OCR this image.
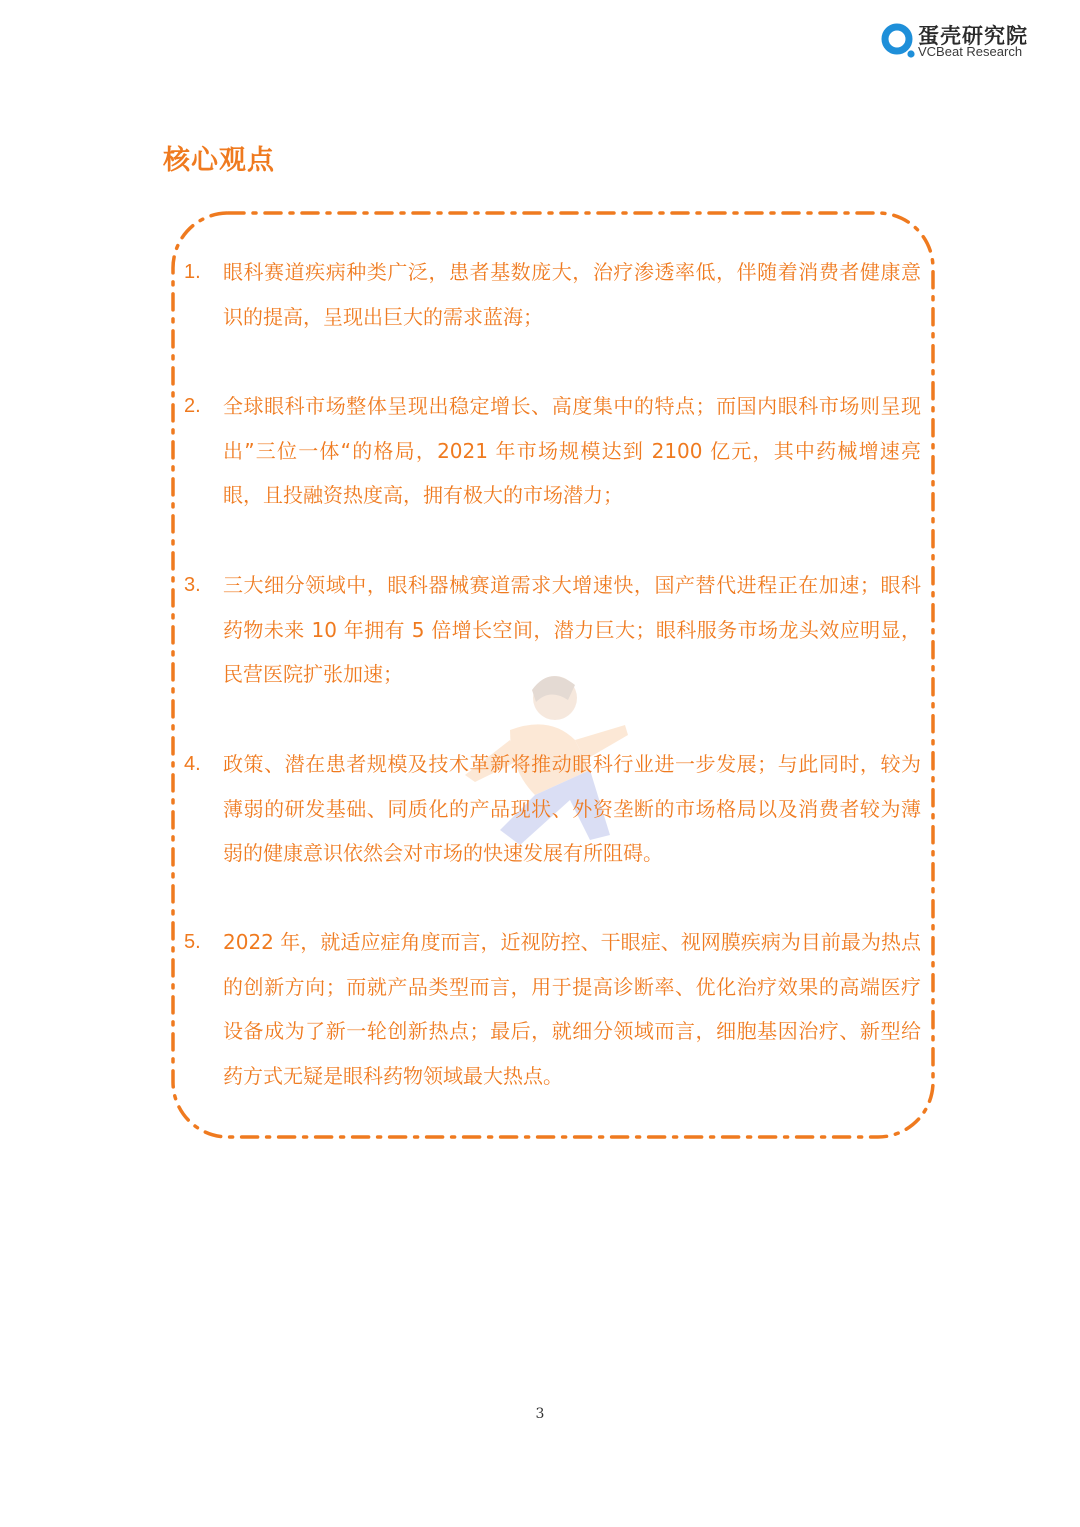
蛋壳研究院
VCBeat Research
核心观点
1. 眼科赛道疾病种类广泛，患者基数庞大，治疗渗透率低，伴随着消费者健康意识的提高，呈现出巨大的需求蓝海；
2. 全球眼科市场整体呈现出稳定增长、高度集中的特点；而国内眼科市场则呈现出”三位一体“的格局，2021 年市场规模达到 2100 亿元，其中药械增速亮眼，且投融资热度高，拥有极大的市场潜力；
3. 三大细分领域中，眼科器械赛道需求大增速快，国产替代进程正在加速；眼科药物未来 10 年拥有 5 倍增长空间，潜力巨大；眼科服务市场龙头效应明显，民营医院扩张加速；
4. 政策、潜在患者规模及技术革新将推动眼科行业进一步发展；与此同时，较为薄弱的研发基础、同质化的产品现状、外资垄断的市场格局以及消费者较为薄弱的健康意识依然会对市场的快速发展有所阻碍。
5. 2022 年，就适应症角度而言，近视防控、干眼症、视网膜疾病为目前最为热点的创新方向；而就产品类型而言，用于提高诊断率、优化治疗效果的高端医疗设备成为了新一轮创新热点；最后，就细分领域而言，细胞基因治疗、新型给药方式无疑是眼科药物领域最大热点。
3
